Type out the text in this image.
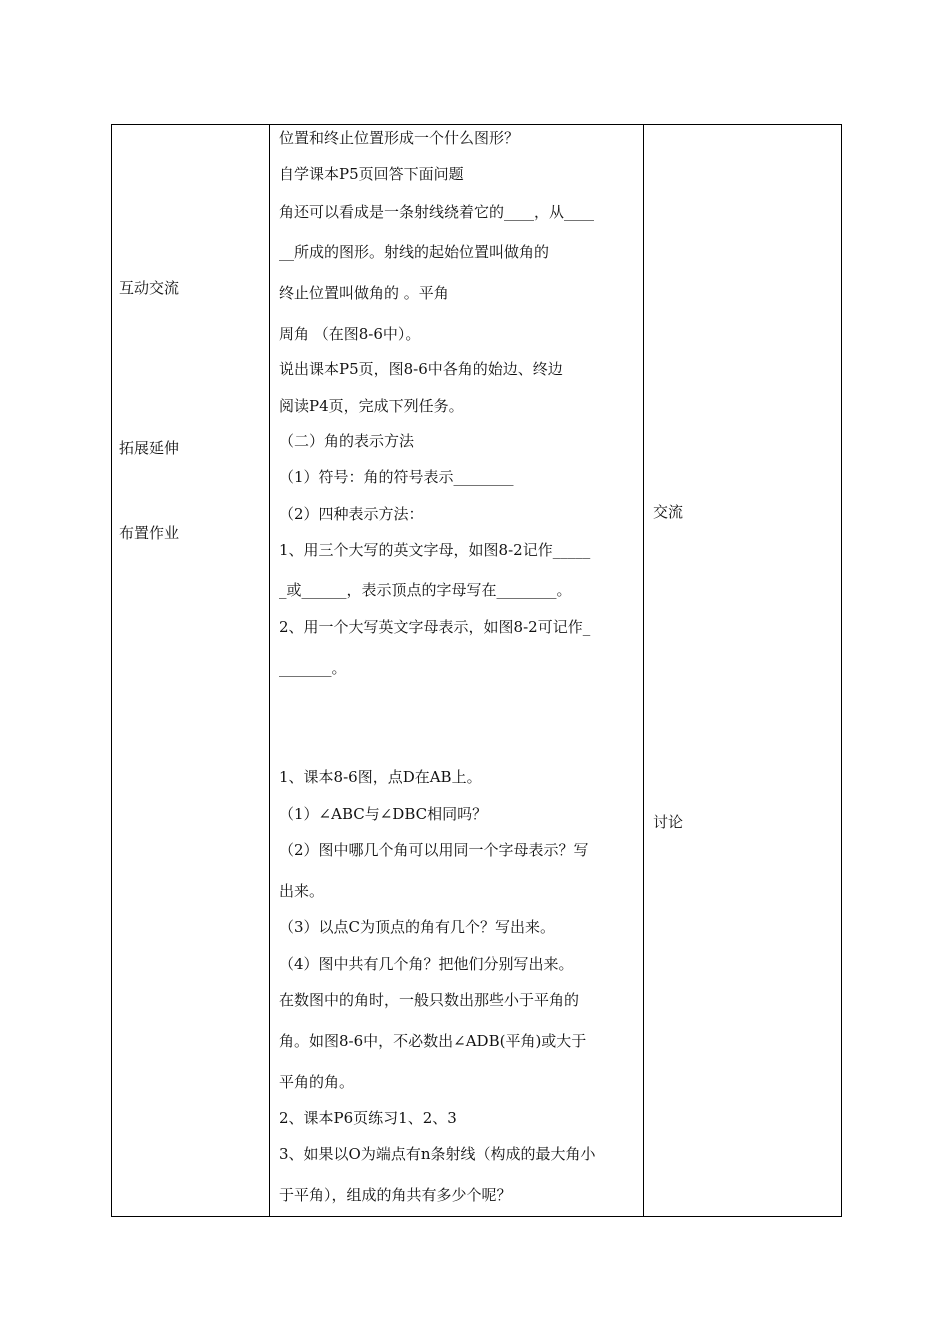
互动交流
拓展延伸
布置作业
交流
讨论
位置和终止位置形成一个什么图形？
自学课本P5页回答下面问题
角还可以看成是一条射线绕着它的____，从____
__所成的图形。射线的起始位置叫做角的
终止位置叫做角的 。平角
周角 （在图8-6中）。
说出课本P5页，图8-6中各角的始边、终边
阅读P4页，完成下列任务。
（二）角的表示方法
（1）符号：角的符号表示________
（2）四种表示方法：
1、用三个大写的英文字母，如图8-2记作_____
_或______，表示顶点的字母写在________。
2、用一个大写英文字母表示，如图8-2可记作_
_______。
1、课本8-6图，点D在AB上。
（1）∠ABC与∠DBC相同吗？
（2）图中哪几个角可以用同一个字母表示？写
出来。
（3）以点C为顶点的角有几个？写出来。
（4）图中共有几个角？把他们分别写出来。
在数图中的角时，一般只数出那些小于平角的
角。如图8-6中，不必数出∠ADB(平角)或大于
平角的角。
2、课本P6页练习1、2、3
3、如果以O为端点有n条射线（构成的最大角小
于平角），组成的角共有多少个呢？
